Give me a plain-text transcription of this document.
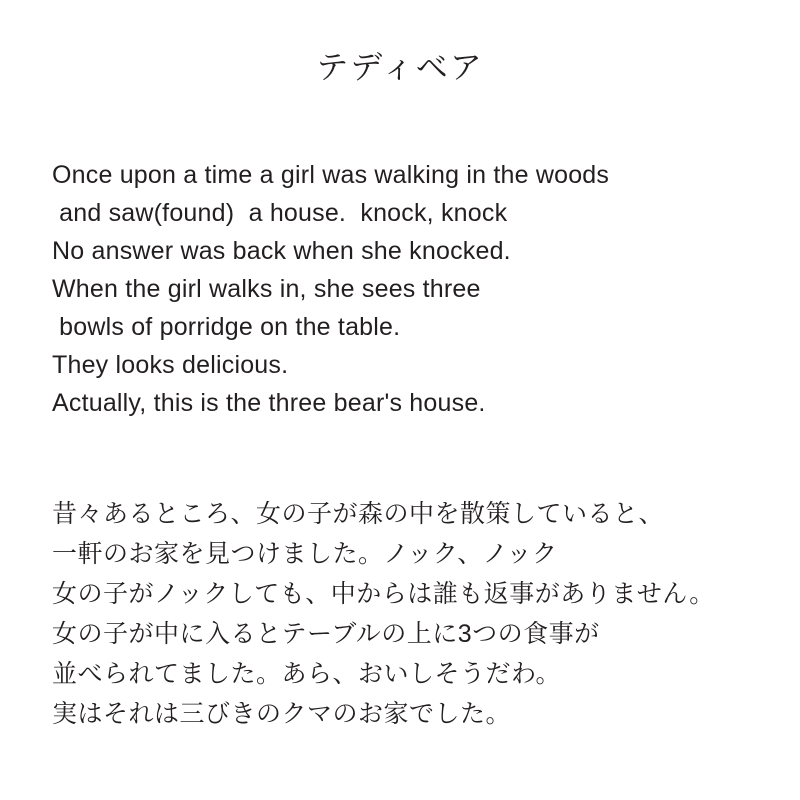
テディベア
Once upon a time a girl was walking in the woods
and saw(found)  a house.  knock, knock
No answer was back when she knocked.
When the girl walks in, she sees three
bowls of porridge on the table.
They looks delicious.
Actually, this is the three bear's house.
昔々あるところ、女の子が森の中を散策していると、
一軒のお家を見つけました。ノック、ノック
女の子がノックしても、中からは誰も返事がありません。
女の子が中に入るとテーブルの上に3つの食事が
並べられてました。あら、おいしそうだわ。
実はそれは三びきのクマのお家でした。
